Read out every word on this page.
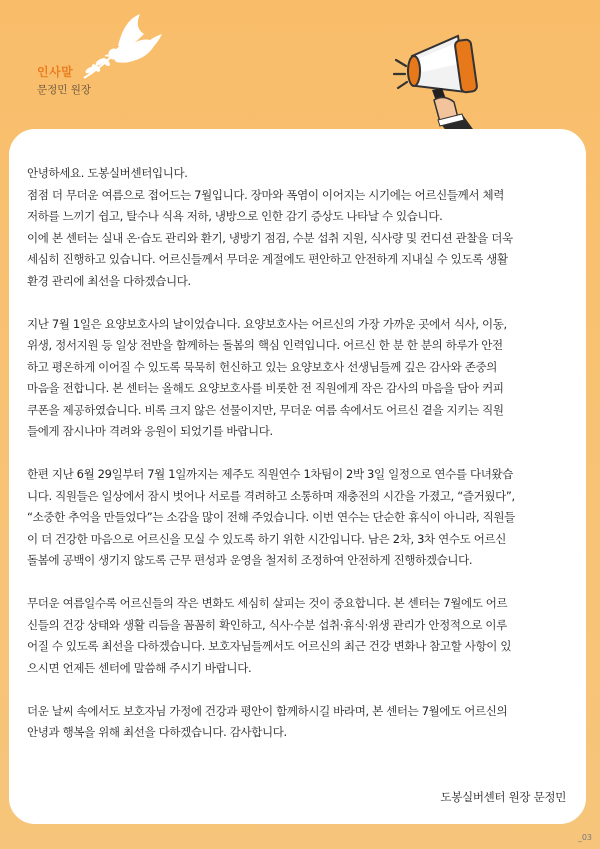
인사말
문정민 원장
안녕하세요. 도봉실버센터입니다.
점점 더 무더운 여름으로 접어드는 7월입니다. 장마와 폭염이 이어지는 시기에는 어르신들께서 체력
저하를 느끼기 쉽고, 탈수나 식욕 저하, 냉방으로 인한 감기 증상도 나타날 수 있습니다.
이에 본 센터는 실내 온·습도 관리와 환기, 냉방기 점검, 수분 섭취 지원, 식사량 및 컨디션 관찰을 더욱
세심히 진행하고 있습니다. 어르신들께서 무더운 계절에도 편안하고 안전하게 지내실 수 있도록 생활
환경 관리에 최선을 다하겠습니다.
지난 7월 1일은 요양보호사의 날이었습니다. 요양보호사는 어르신의 가장 가까운 곳에서 식사, 이동,
위생, 정서지원 등 일상 전반을 함께하는 돌봄의 핵심 인력입니다. 어르신 한 분 한 분의 하루가 안전
하고 평온하게 이어질 수 있도록 묵묵히 헌신하고 있는 요양보호사 선생님들께 깊은 감사와 존중의
마음을 전합니다. 본 센터는 올해도 요양보호사를 비롯한 전 직원에게 작은 감사의 마음을 담아 커피
쿠폰을 제공하였습니다. 비록 크지 않은 선물이지만, 무더운 여름 속에서도 어르신 곁을 지키는 직원
들에게 잠시나마 격려와 응원이 되었기를 바랍니다.
한편 지난 6월 29일부터 7월 1일까지는 제주도 직원연수 1차팀이 2박 3일 일정으로 연수를 다녀왔습
니다. 직원들은 일상에서 잠시 벗어나 서로를 격려하고 소통하며 재충전의 시간을 가졌고, “즐거웠다”,
“소중한 추억을 만들었다”는 소감을 많이 전해 주었습니다. 이번 연수는 단순한 휴식이 아니라, 직원들
이 더 건강한 마음으로 어르신을 모실 수 있도록 하기 위한 시간입니다. 남은 2차, 3차 연수도 어르신
돌봄에 공백이 생기지 않도록 근무 편성과 운영을 철저히 조정하여 안전하게 진행하겠습니다.
무더운 여름일수록 어르신들의 작은 변화도 세심히 살피는 것이 중요합니다. 본 센터는 7월에도 어르
신들의 건강 상태와 생활 리듬을 꼼꼼히 확인하고, 식사·수분 섭취·휴식·위생 관리가 안정적으로 이루
어질 수 있도록 최선을 다하겠습니다. 보호자님들께서도 어르신의 최근 건강 변화나 참고할 사항이 있
으시면 언제든 센터에 말씀해 주시기 바랍니다.
더운 날씨 속에서도 보호자님 가정에 건강과 평안이 함께하시길 바라며, 본 센터는 7월에도 어르신의
안녕과 행복을 위해 최선을 다하겠습니다. 감사합니다.
도봉실버센터 원장 문정민
_03
